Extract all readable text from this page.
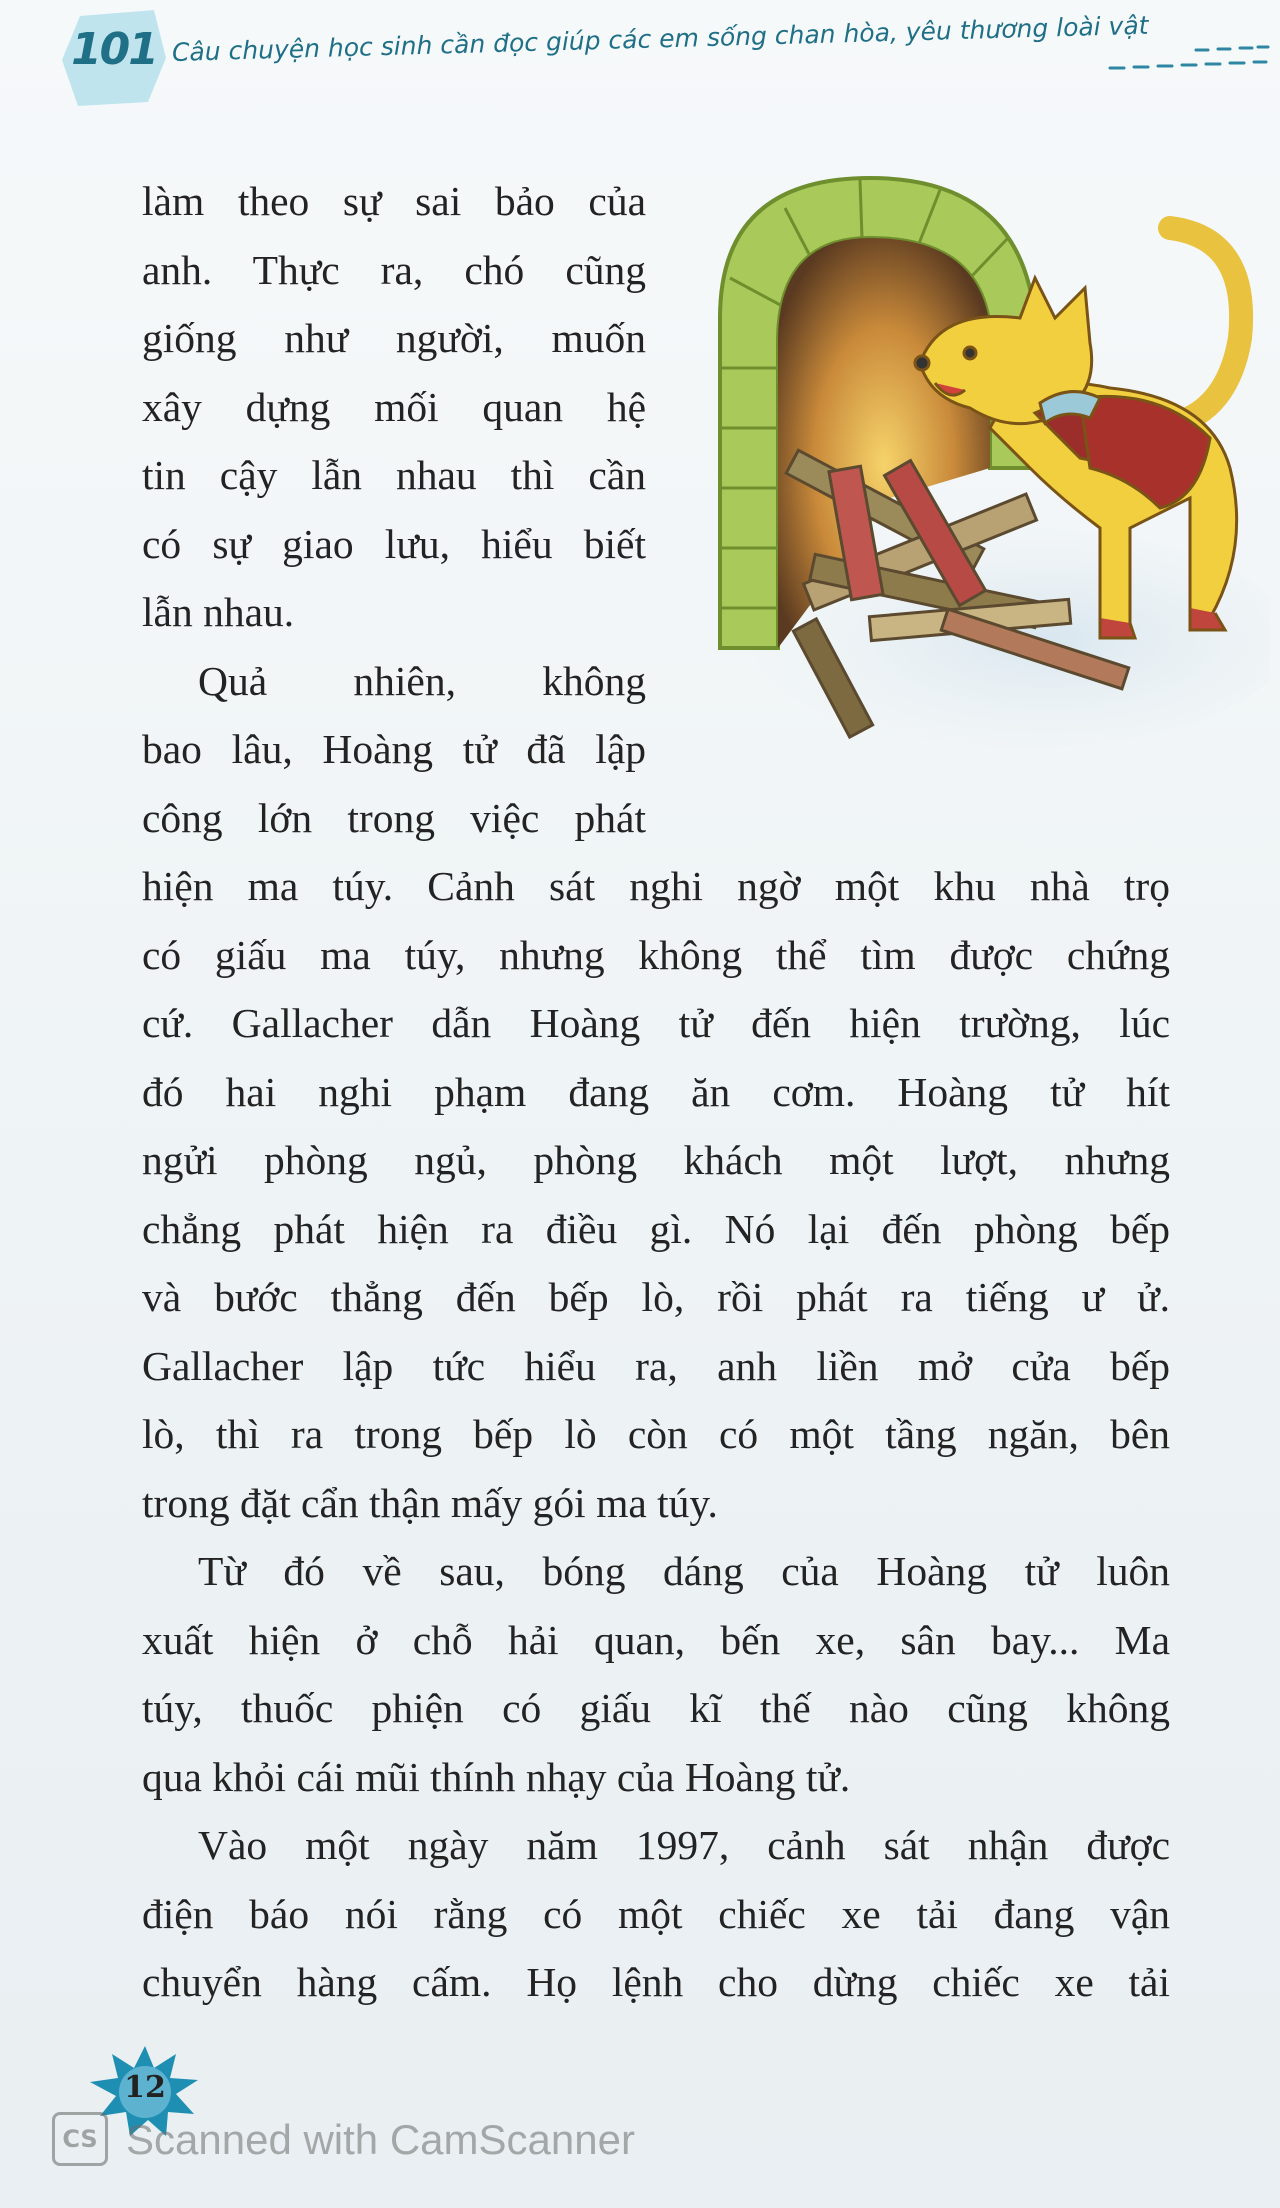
101 Câu chuyện học sinh cần đọc giúp các em sống chan hòa, yêu thương loài vật
làm theo sự sai bảo của
anh. Thực ra, chó cũng
giống như người, muốn
xây dựng mối quan hệ
tin cậy lẫn nhau thì cần
có sự giao lưu, hiểu biết
lẫn nhau.
Quả nhiên, không
bao lâu, Hoàng tử đã lập
công lớn trong việc phát
hiện ma túy. Cảnh sát nghi ngờ một khu nhà trọ
có giấu ma túy, nhưng không thể tìm được chứng
cứ. Gallacher dẫn Hoàng tử đến hiện trường, lúc
đó hai nghi phạm đang ăn cơm. Hoàng tử hít
ngửi phòng ngủ, phòng khách một lượt, nhưng
chẳng phát hiện ra điều gì. Nó lại đến phòng bếp
và bước thẳng đến bếp lò, rồi phát ra tiếng ư ử.
Gallacher lập tức hiểu ra, anh liền mở cửa bếp
lò, thì ra trong bếp lò còn có một tầng ngăn, bên
trong đặt cẩn thận mấy gói ma túy.
Từ đó về sau, bóng dáng của Hoàng tử luôn
xuất hiện ở chỗ hải quan, bến xe, sân bay... Ma
túy, thuốc phiện có giấu kĩ thế nào cũng không
qua khỏi cái mũi thính nhạy của Hoàng tử.
Vào một ngày năm 1997, cảnh sát nhận được
điện báo nói rằng có một chiếc xe tải đang vận
chuyển hàng cấm. Họ lệnh cho dừng chiếc xe tải
12
CS Scanned with CamScanner
